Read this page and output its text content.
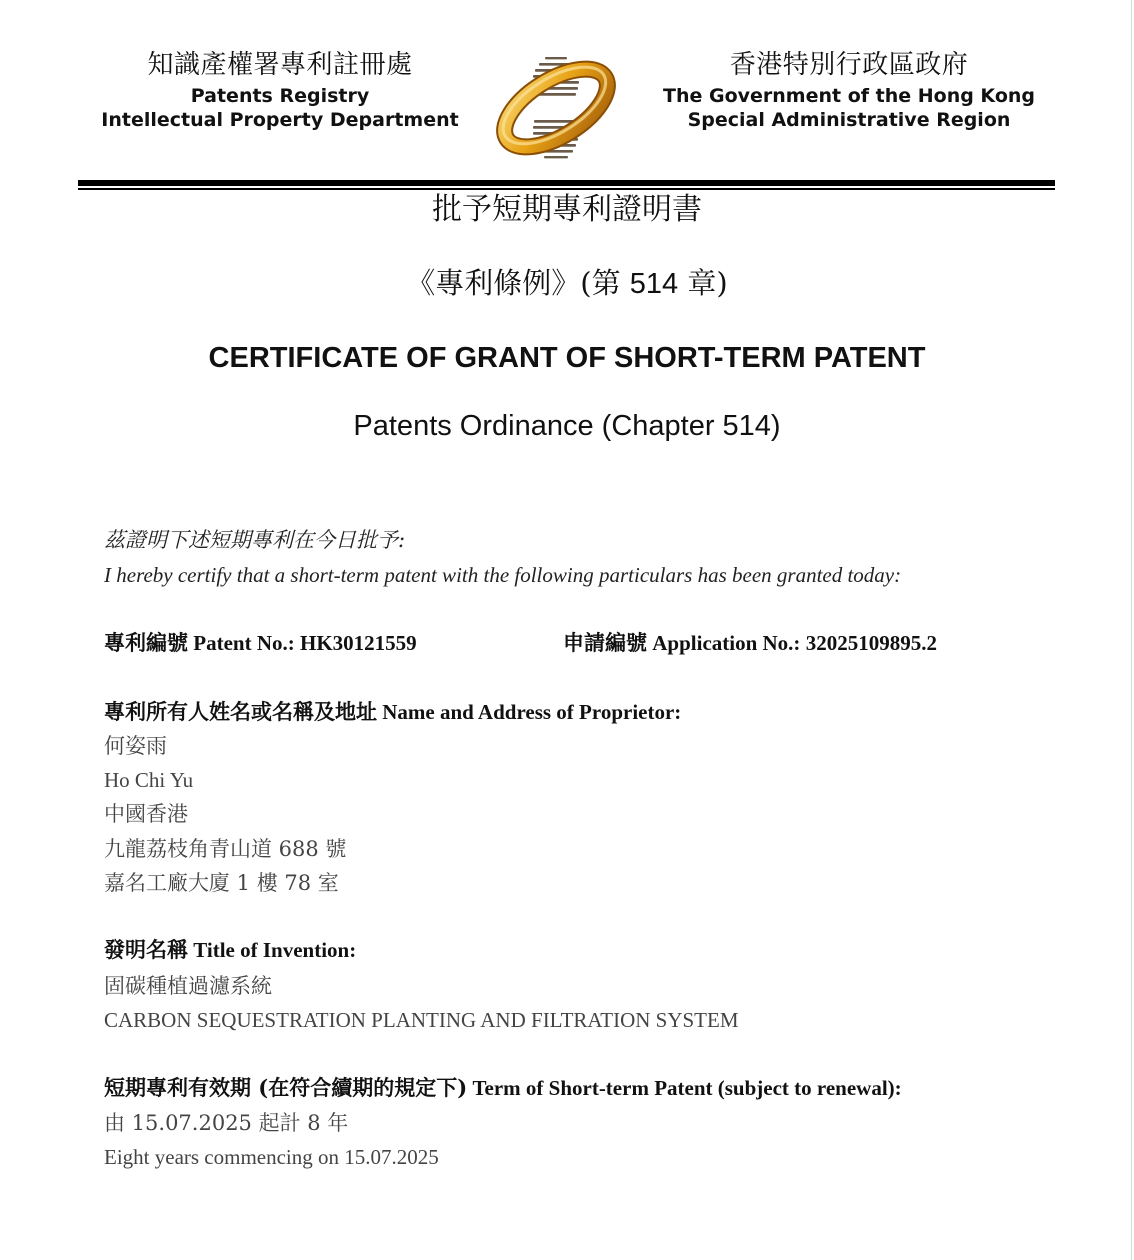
知識產權署專利註冊處
Patents Registry
Intellectual Property Department
香港特別行政區政府
The Government of the Hong Kong
Special Administrative Region
批予短期專利證明書
《專利條例》(第 514 章)
CERTIFICATE OF GRANT OF SHORT-TERM PATENT
Patents Ordinance (Chapter 514)
茲證明下述短期專利在今日批予:
I hereby certify that a short-term patent with the following particulars has been granted today:
專利編號 Patent No.: HK30121559	申請編號 Application No.: 32025109895.2
專利所有人姓名或名稱及地址 Name and Address of Proprietor:
何姿雨
Ho Chi Yu
中國香港
九龍荔枝角青山道 688 號
嘉名工廠大廈 1 樓 78 室
發明名稱 Title of Invention:
固碳種植過濾系統
CARBON SEQUESTRATION PLANTING AND FILTRATION SYSTEM
短期專利有效期 (在符合續期的規定下) Term of Short-term Patent (subject to renewal):
由 15.07.2025 起計 8 年
Eight years commencing on 15.07.2025
